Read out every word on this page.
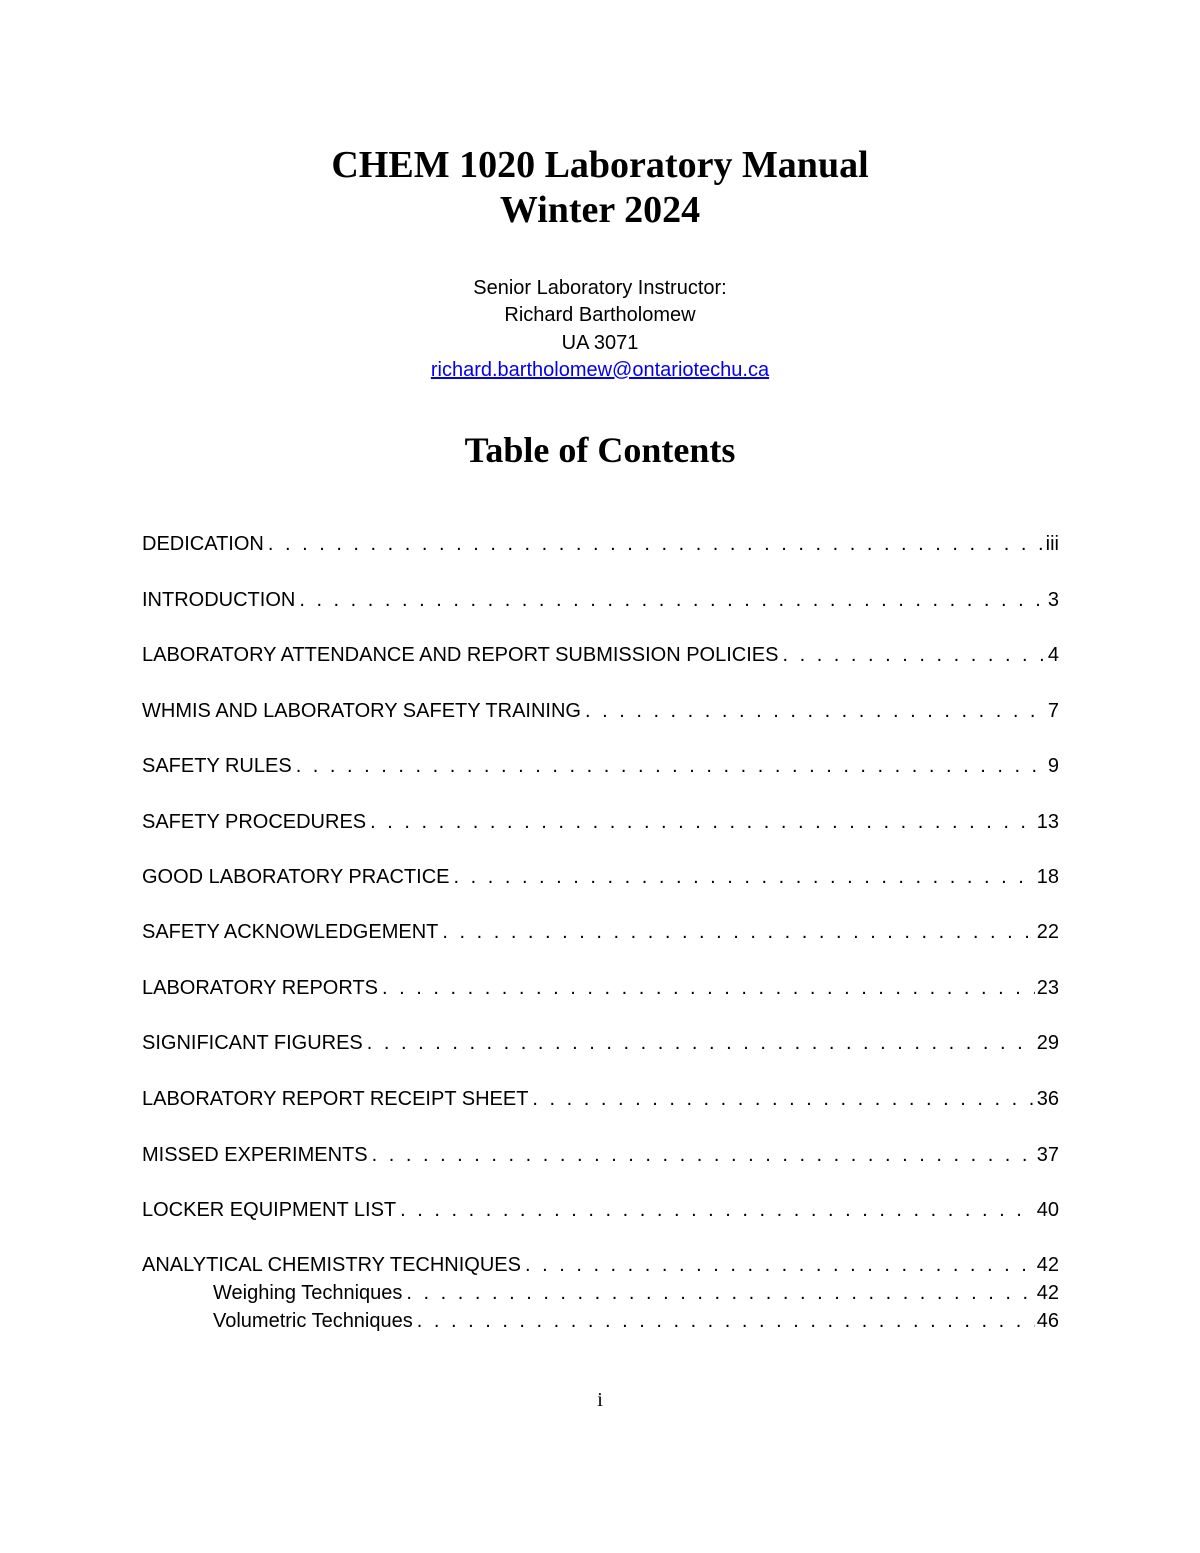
CHEM 1020 Laboratory Manual
Winter 2024

Senior Laboratory Instructor:

Richard Bartholomew

UA 3071

richard.bartholomew@ontariotechu.ca

Table of Contents
DEDICATION . . .	iii
INTRODUCTION . . .	3
LABORATORY ATTENDANCE AND REPORT SUBMISSION POLICIES . . .	4
WHMIS AND LABORATORY SAFETY TRAINING . . .	7
SAFETY RULES . . .	9
SAFETY PROCEDURES . . .	13
GOOD LABORATORY PRACTICE . . .	18
SAFETY ACKNOWLEDGEMENT . . .	22
LABORATORY REPORTS . . .	23
SIGNIFICANT FIGURES . . .	29
LABORATORY REPORT RECEIPT SHEET . . .	36
MISSED EXPERIMENTS . . .	37
LOCKER EQUIPMENT LIST . . .	40
ANALYTICAL CHEMISTRY TECHNIQUES . . .	42
Weighing Techniques . . .	42
Volumetric Techniques . . .	46

i
